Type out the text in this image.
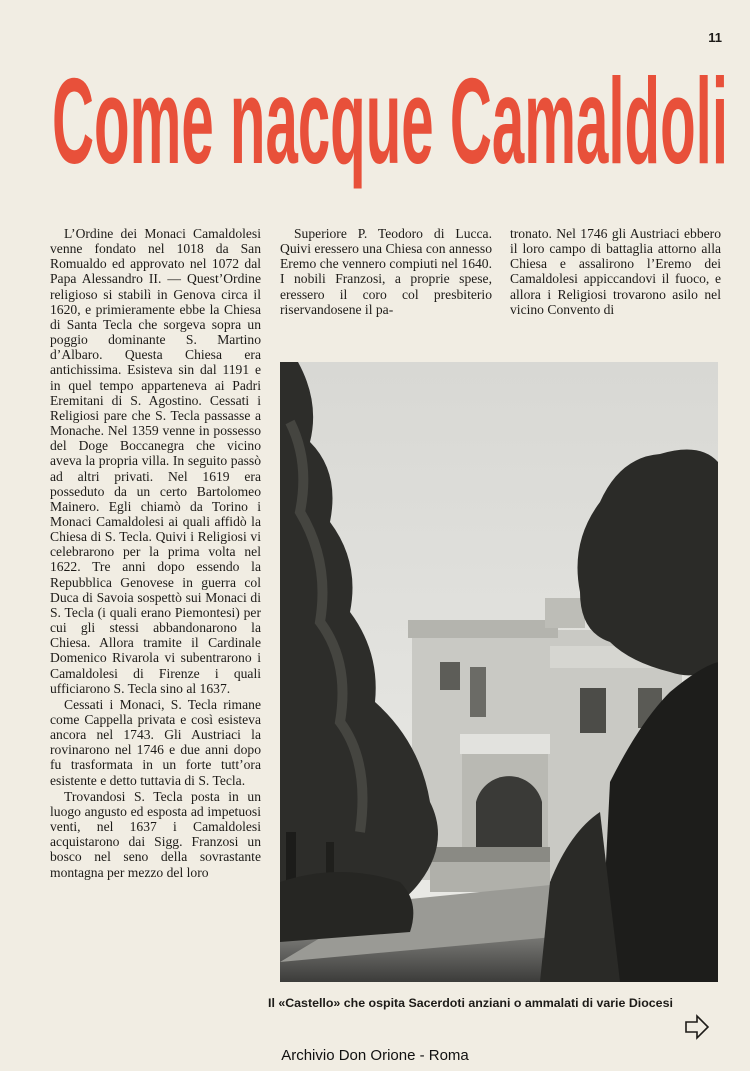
11
Come nacque Camaldoli

L’Ordine dei Monaci Camaldolesi venne fondato nel 1018 da San Romualdo ed approvato nel 1072 dal Papa Alessandro II. — Quest’Ordine religioso si stabilì in Genova circa il 1620, e primieramente ebbe la Chiesa di Santa Tecla che sorgeva sopra un poggio dominante S. Martino d’Albaro. Questa Chiesa era antichissima. Esisteva sin dal 1191 e in quel tempo apparteneva ai Padri Eremitani di S. Agostino. Cessati i Religiosi pare che S. Tecla passasse a Monache. Nel 1359 venne in possesso del Doge Boccanegra che vicino aveva la propria villa. In seguito passò ad altri privati. Nel 1619 era posseduto da un certo Bartolomeo Mainero. Egli chiamò da Torino i Monaci Camaldolesi ai quali affidò la Chiesa di S. Tecla. Quivi i Religiosi vi celebrarono per la prima volta nel 1622. Tre anni dopo essendo la Repubblica Genovese in guerra col Duca di Savoia sospettò sui Monaci di S. Tecla (i quali erano Piemontesi) per cui gli stessi abbandonarono la Chiesa. Allora tramite il Cardinale Domenico Rivarola vi subentrarono i Camaldolesi di Firenze i quali ufficiarono S. Tecla sino al 1637.

Cessati i Monaci, S. Tecla rimane come Cappella privata e così esisteva ancora nel 1743. Gli Austriaci la rovinarono nel 1746 e due anni dopo fu trasformata in un forte tutt’ora esistente e detto tuttavia di S. Tecla.

Trovandosi S. Tecla posta in un luogo angusto ed esposta ad impetuosi venti, nel 1637 i Camaldolesi acquistarono dai Sigg. Franzosi un bosco nel seno della sovrastante montagna per mezzo del loro

Superiore P. Teodoro di Lucca. Quivi eressero una Chiesa con annesso Eremo che vennero compiuti nel 1640. I nobili Franzosi, a proprie spese, eressero il coro col presbiterio riservandosene il pa-

tronato. Nel 1746 gli Austriaci ebbero il loro campo di battaglia attorno alla Chiesa e assalirono l’Eremo dei Camaldolesi appiccandovi il fuoco, e allora i Religiosi trovarono asilo nel vicino Convento di

Il «Castello» che ospita Sacerdoti anziani o ammalati di varie Diocesi
Archivio Don Orione - Roma
